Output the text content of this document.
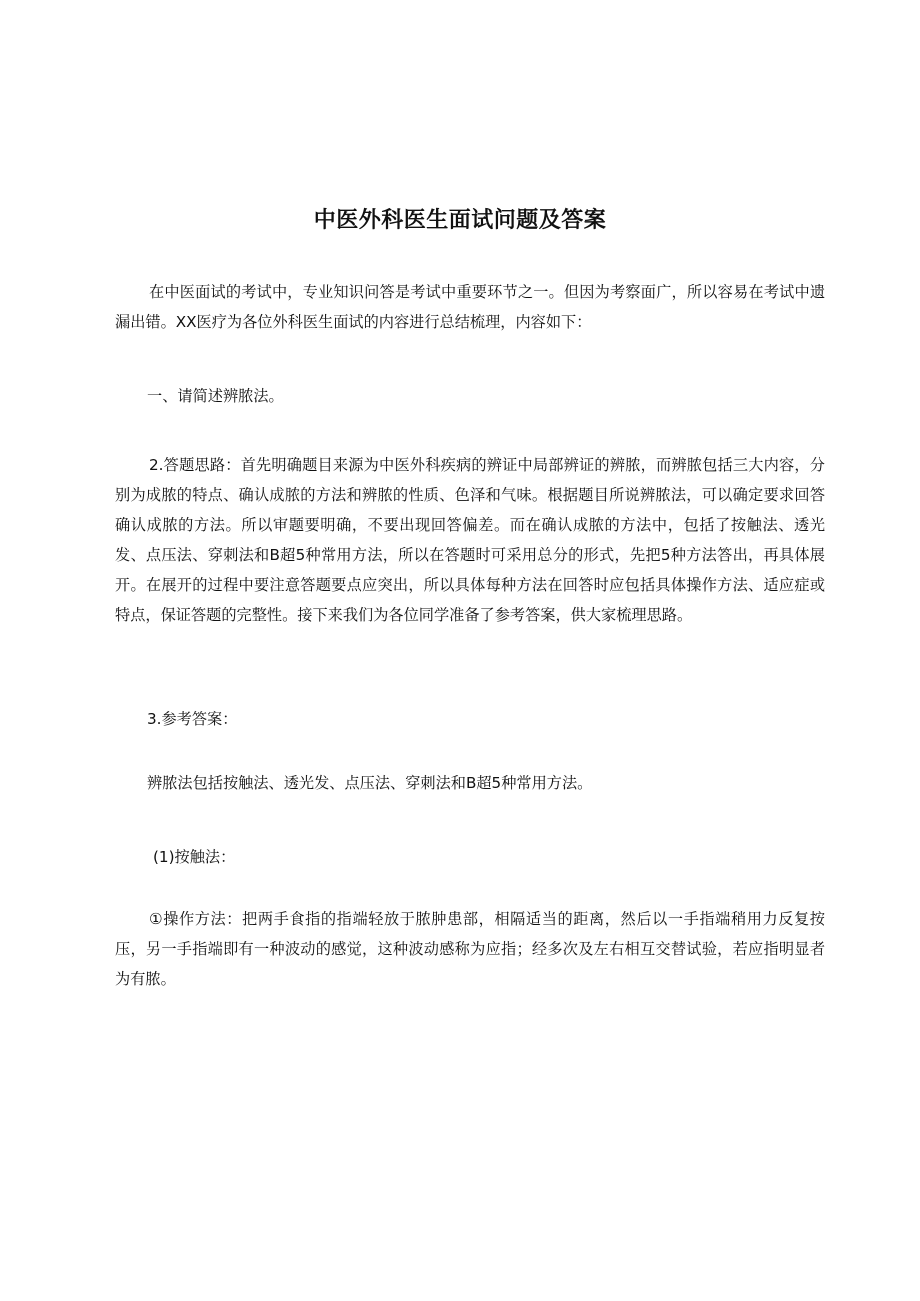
中医外科医生面试问题及答案

在中医面试的考试中，专业知识问答是考试中重要环节之一。但因为考察面广，所以容易在考试中遗漏出错。XX医疗为各位外科医生面试的内容进行总结梳理，内容如下：

一、请简述辨脓法。

2.答题思路：首先明确题目来源为中医外科疾病的辨证中局部辨证的辨脓，而辨脓包括三大内容，分别为成脓的特点、确认成脓的方法和辨脓的性质、色泽和气味。根据题目所说辨脓法，可以确定要求回答确认成脓的方法。所以审题要明确，不要出现回答偏差。而在确认成脓的方法中，包括了按触法、透光发、点压法、穿刺法和B超5种常用方法，所以在答题时可采用总分的形式，先把5种方法答出，再具体展开。在展开的过程中要注意答题要点应突出，所以具体每种方法在回答时应包括具体操作方法、适应症或特点，保证答题的完整性。接下来我们为各位同学准备了参考答案，供大家梳理思路。

3.参考答案：
辨脓法包括按触法、透光发、点压法、穿刺法和B超5种常用方法。
(1)按触法：

①操作方法：把两手食指的指端轻放于脓肿患部，相隔适当的距离，然后以一手指端稍用力反复按压，另一手指端即有一种波动的感觉，这种波动感称为应指；经多次及左右相互交替试验，若应指明显者为有脓。
